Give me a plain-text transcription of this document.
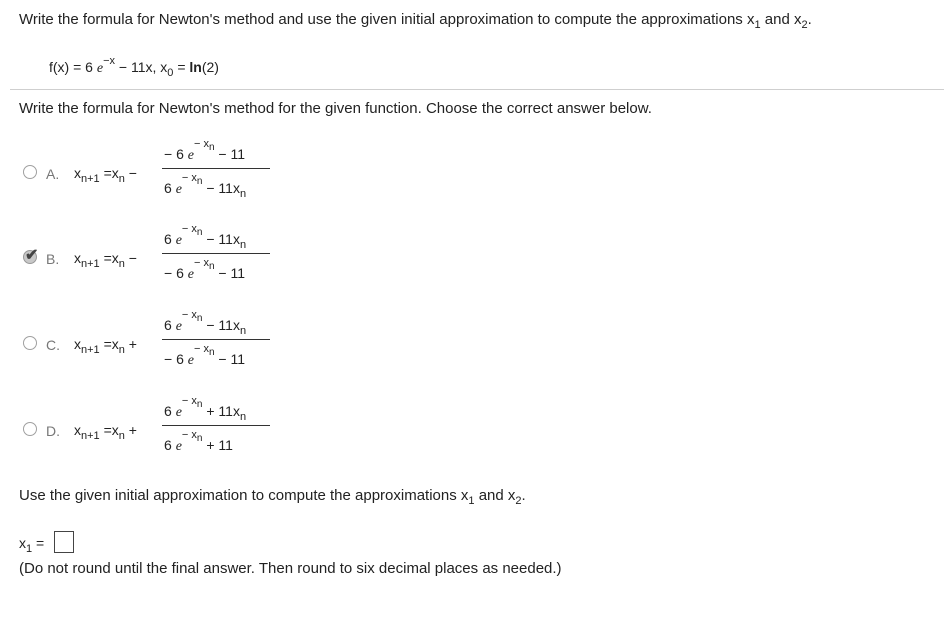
Write the formula for Newton's method and use the given initial approximation to compute the approximations $x_1$ and $x_2$.
f(x) = 6 $e^{-x} - 11x$, $x_0 = \ln(2)$
Write the formula for Newton's method for the given function. Choose the correct answer below.
A. $x_{n+1} =x_n$ −
− 6 $e^{- xn} - 11$
6 $e^{- xn} - 11x_n$
✔ B. $x_{n+1} =x_n$ −
6 $e^{- xn} - 11x_n$
− 6 $e^{- xn} - 11$
C. $x_{n+1} =x_n$ +
6 $e^{- xn} - 11x_n$
− 6 $e^{- xn} - 11$
D. $x_{n+1} =x_n$ +
6 $e^{- xn} + 11x_n$
6 $e^{- xn} + 11$
Use the given initial approximation to compute the approximations $x_1$ and $x_2$.
$x_1$ =
(Do not round until the final answer. Then round to six decimal places as needed.)
